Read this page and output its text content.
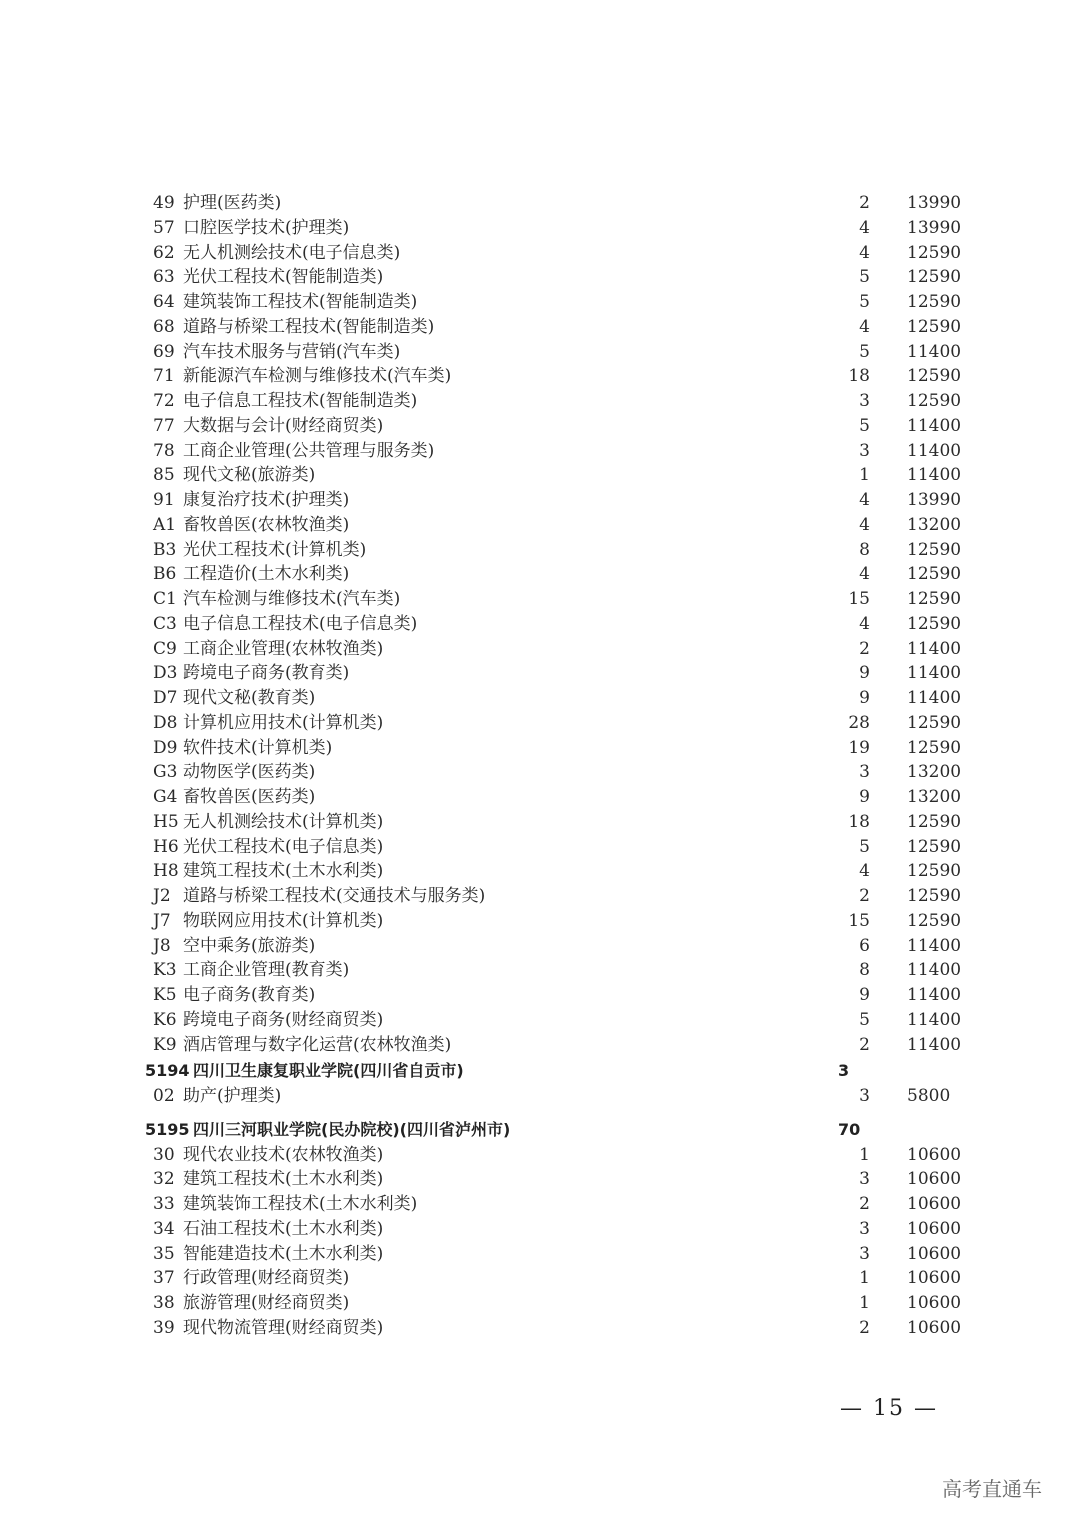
49 护理(医药类)	2 13990
57 口腔医学技术(护理类)	4 13990
62 无人机测绘技术(电子信息类)	4 12590
63 光伏工程技术(智能制造类)	5 12590
64 建筑装饰工程技术(智能制造类)	5 12590
68 道路与桥梁工程技术(智能制造类)	4 12590
69 汽车技术服务与营销(汽车类)	5 11400
71 新能源汽车检测与维修技术(汽车类)	18 12590
72 电子信息工程技术(智能制造类)	3 12590
77 大数据与会计(财经商贸类)	5 11400
78 工商企业管理(公共管理与服务类)	3 11400
85 现代文秘(旅游类)	1 11400
91 康复治疗技术(护理类)	4 13990
A1 畜牧兽医(农林牧渔类)	4 13200
B3 光伏工程技术(计算机类)	8 12590
B6 工程造价(土木水利类)	4 12590
C1 汽车检测与维修技术(汽车类)	15 12590
C3 电子信息工程技术(电子信息类)	4 12590
C9 工商企业管理(农林牧渔类)	2 11400
D3 跨境电子商务(教育类)	9 11400
D7 现代文秘(教育类)	9 11400
D8 计算机应用技术(计算机类)	28 12590
D9 软件技术(计算机类)	19 12590
G3 动物医学(医药类)	3 13200
G4 畜牧兽医(医药类)	9 13200
H5 无人机测绘技术(计算机类)	18 12590
H6 光伏工程技术(电子信息类)	5 12590
H8 建筑工程技术(土木水利类)	4 12590
J2 道路与桥梁工程技术(交通技术与服务类)	2 12590
J7 物联网应用技术(计算机类)	15 12590
J8 空中乘务(旅游类)	6 11400
K3 工商企业管理(教育类)	8 11400
K5 电子商务(教育类)	9 11400
K6 跨境电子商务(财经商贸类)	5 11400
K9 酒店管理与数字化运营(农林牧渔类)	2 11400
5194 四川卫生康复职业学院(四川省自贡市)	3
02 助产(护理类)	3 5800
5195 四川三河职业学院(民办院校)(四川省泸州市)	70
30 现代农业技术(农林牧渔类)	1 10600
32 建筑工程技术(土木水利类)	3 10600
33 建筑装饰工程技术(土木水利类)	2 10600
34 石油工程技术(土木水利类)	3 10600
35 智能建造技术(土木水利类)	3 10600
37 行政管理(财经商贸类)	1 10600
38 旅游管理(财经商贸类)	1 10600
39 现代物流管理(财经商贸类)	2 10600
— 15 —
高考直通车
